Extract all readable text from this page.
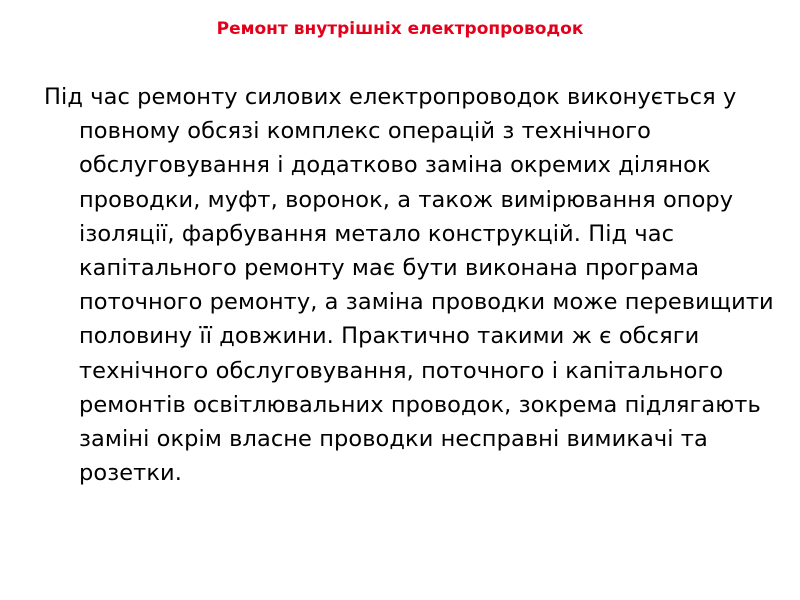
Ремонт внутрішніх електропроводок

Під час ремонту силових електропроводок виконується у повному обсязі комплекс операцій з технічного обслуговування і додатково заміна окремих ділянок проводки, муфт, воронок, а також вимірювання опору ізоляції, фарбування метало конструкцій. Під час капітального ремонту має бути виконана програма поточного ремонту, а заміна проводки може перевищити половину її довжини. Практично такими ж є обсяги технічного обслуговування, поточного і капітального ремонтів освітлювальних проводок, зокрема підлягають заміні окрім власне проводки несправні вимикачі та розетки.
